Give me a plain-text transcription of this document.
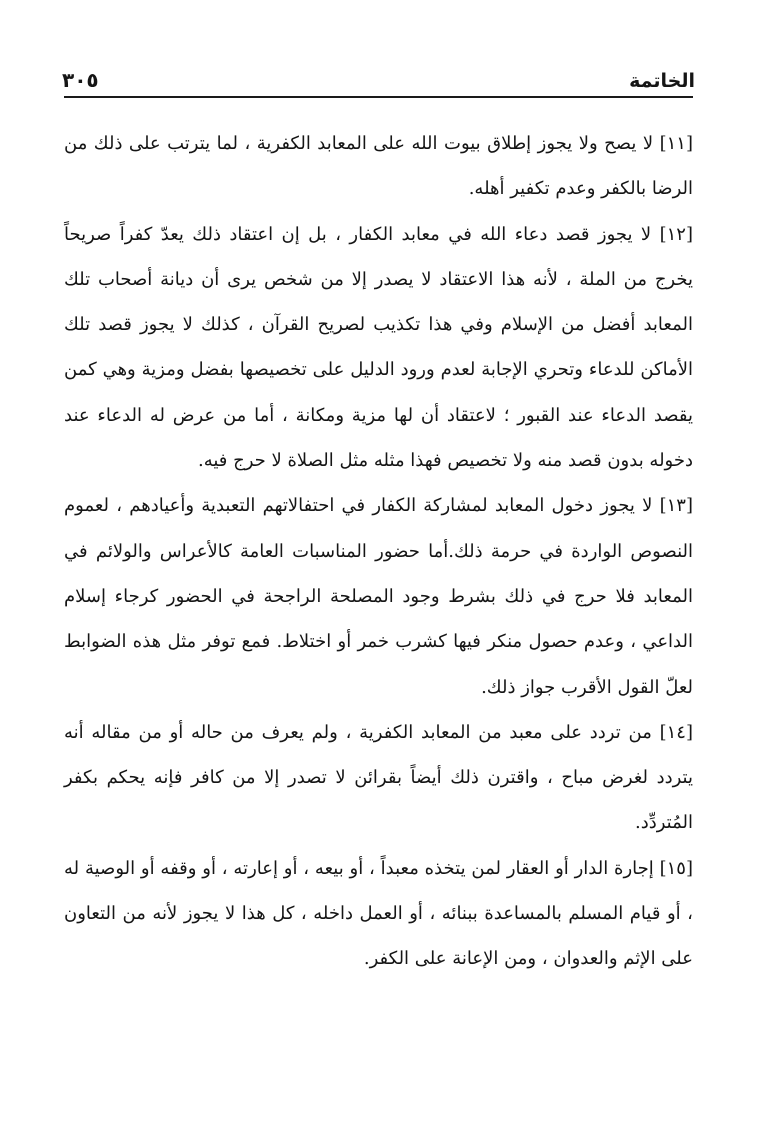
الخاتمة
٣٠٥

[١١] لا يصح ولا يجوز إطلاق بيوت الله على المعابد الكفرية ، لما يترتب على ذلك من الرضا بالكفر وعدم تكفير أهله.

[١٢] لا يجوز قصد دعاء الله في معابد الكفار ، بل إن اعتقاد ذلك يعدّ كفراً صريحاً يخرج من الملة ، لأنه هذا الاعتقاد لا يصدر إلا من شخص يرى أن ديانة أصحاب تلك المعابد أفضل من الإسلام وفي هذا تكذيب لصريح القرآن ، كذلك لا يجوز قصد تلك الأماكن للدعاء وتحري الإجابة لعدم ورود الدليل على تخصيصها بفضل ومزية وهي كمن يقصد الدعاء عند القبور ؛ لاعتقاد أن لها مزية ومكانة ، أما من عرض له الدعاء عند دخوله بدون قصد منه ولا تخصيص فهذا مثله مثل الصلاة لا حرج فيه.

[١٣] لا يجوز دخول المعابد لمشاركة الكفار في احتفالاتهم التعبدية وأعيادهم ، لعموم النصوص الواردة في حرمة ذلك.أما حضور المناسبات العامة كالأعراس والولائم في المعابد فلا حرج في ذلك بشرط وجود المصلحة الراجحة في الحضور كرجاء إسلام الداعي ، وعدم حصول منكر فيها كشرب خمر أو اختلاط. فمع توفر مثل هذه الضوابط لعلّ القول الأقرب جواز ذلك.

[١٤] من تردد على معبد من المعابد الكفرية ، ولم يعرف من حاله أو من مقاله أنه يتردد لغرض مباح ، واقترن ذلك أيضاً بقرائن لا تصدر إلا من كافر فإنه يحكم بكفر المُتردِّد.

[١٥] إجارة الدار أو العقار لمن يتخذه معبداً ، أو بيعه ، أو إعارته ، أو وقفه أو الوصية له ، أو قيام المسلم بالمساعدة ببنائه ، أو العمل داخله ، كل هذا لا يجوز لأنه من التعاون على الإثم والعدوان ، ومن الإعانة على الكفر.
